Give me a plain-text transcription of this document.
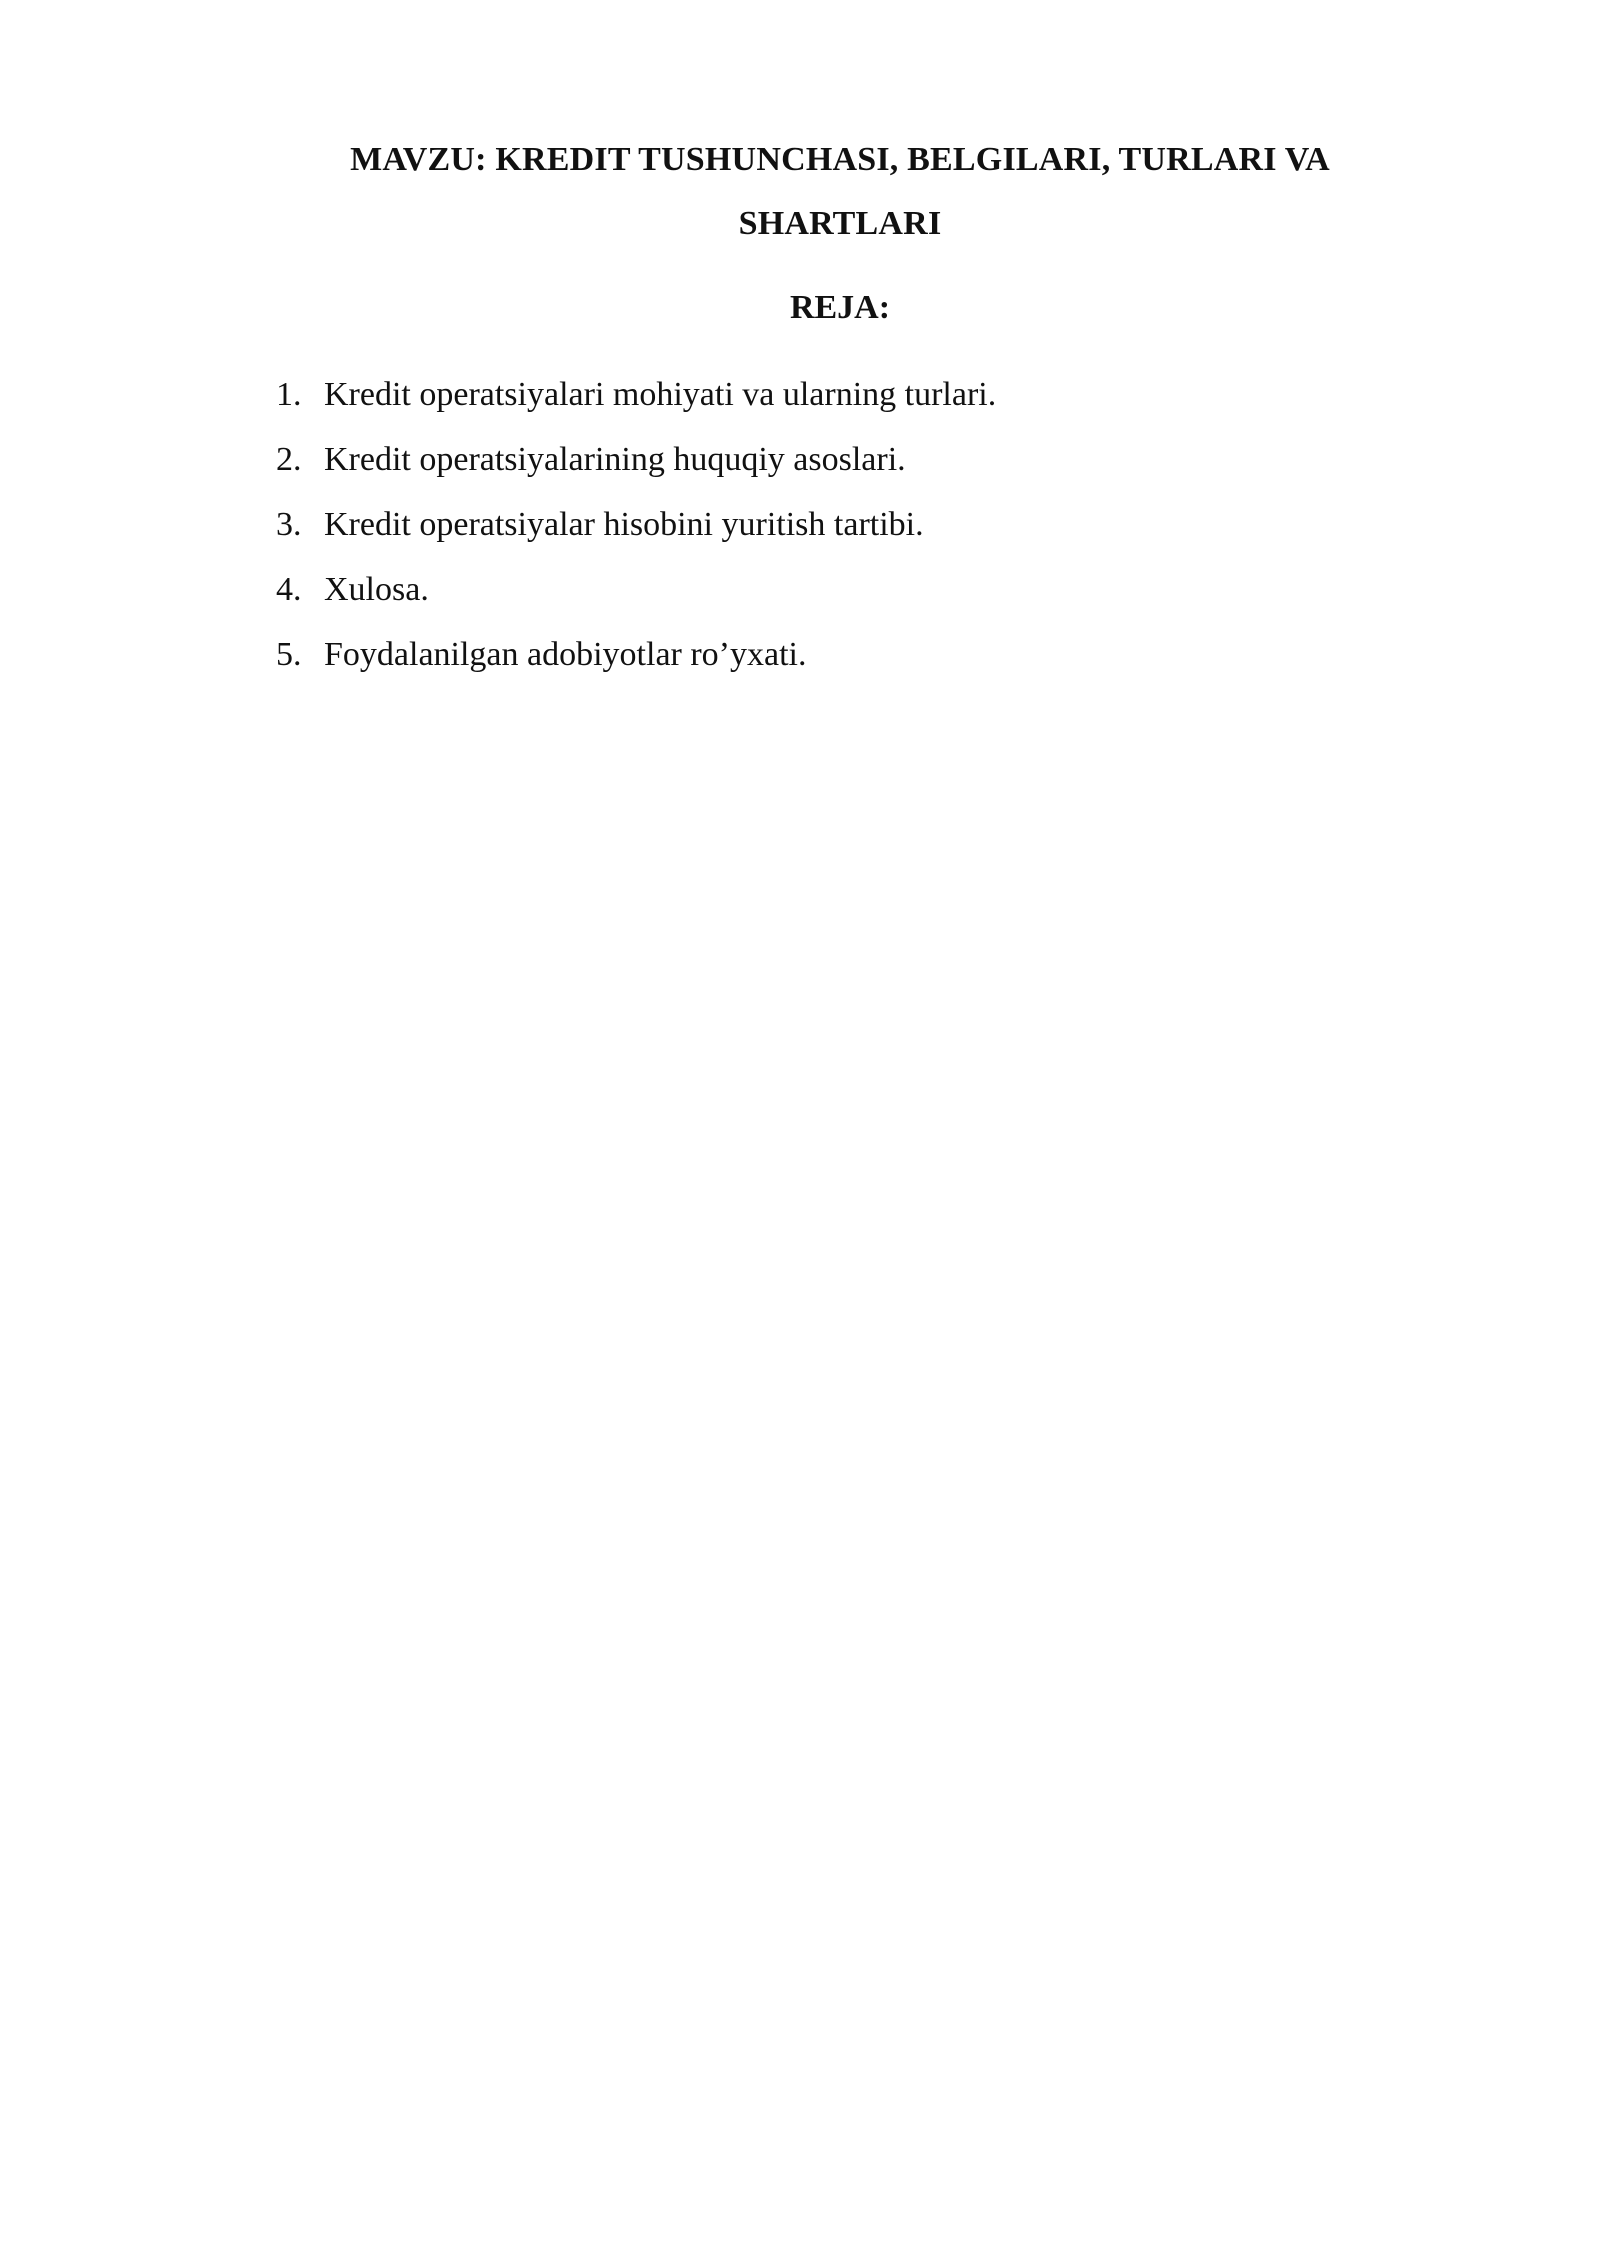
MAVZU: KREDIT TUSHUNCHASI, BELGILARI, TURLARI VA SHARTLARI
REJA:
1. Kredit operatsiyalari mohiyati va ularning turlari.
2. Kredit operatsiyalarining huquqiy asoslari.
3. Kredit operatsiyalar hisobini yuritish tartibi.
4. Xulosa.
5. Foydalanilgan adobiyotlar ro’yxati.
